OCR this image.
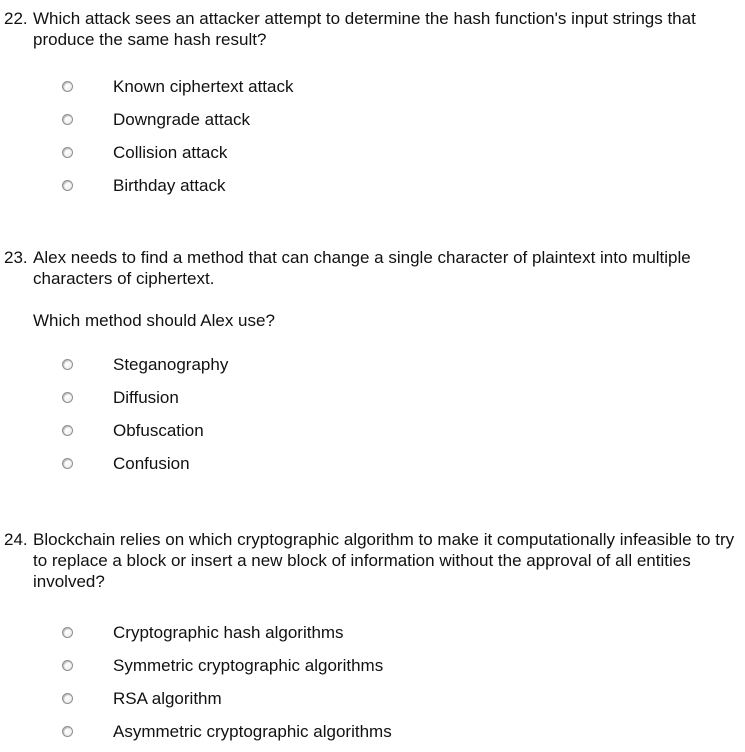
22. Which attack sees an attacker attempt to determine the hash function's input strings that produce the same hash result?
Known ciphertext attack
Downgrade attack
Collision attack
Birthday attack
23. Alex needs to find a method that can change a single character of plaintext into multiple characters of ciphertext.
Which method should Alex use?
Steganography
Diffusion
Obfuscation
Confusion
24. Blockchain relies on which cryptographic algorithm to make it computationally infeasible to try to replace a block or insert a new block of information without the approval of all entities involved?
Cryptographic hash algorithms
Symmetric cryptographic algorithms
RSA algorithm
Asymmetric cryptographic algorithms
